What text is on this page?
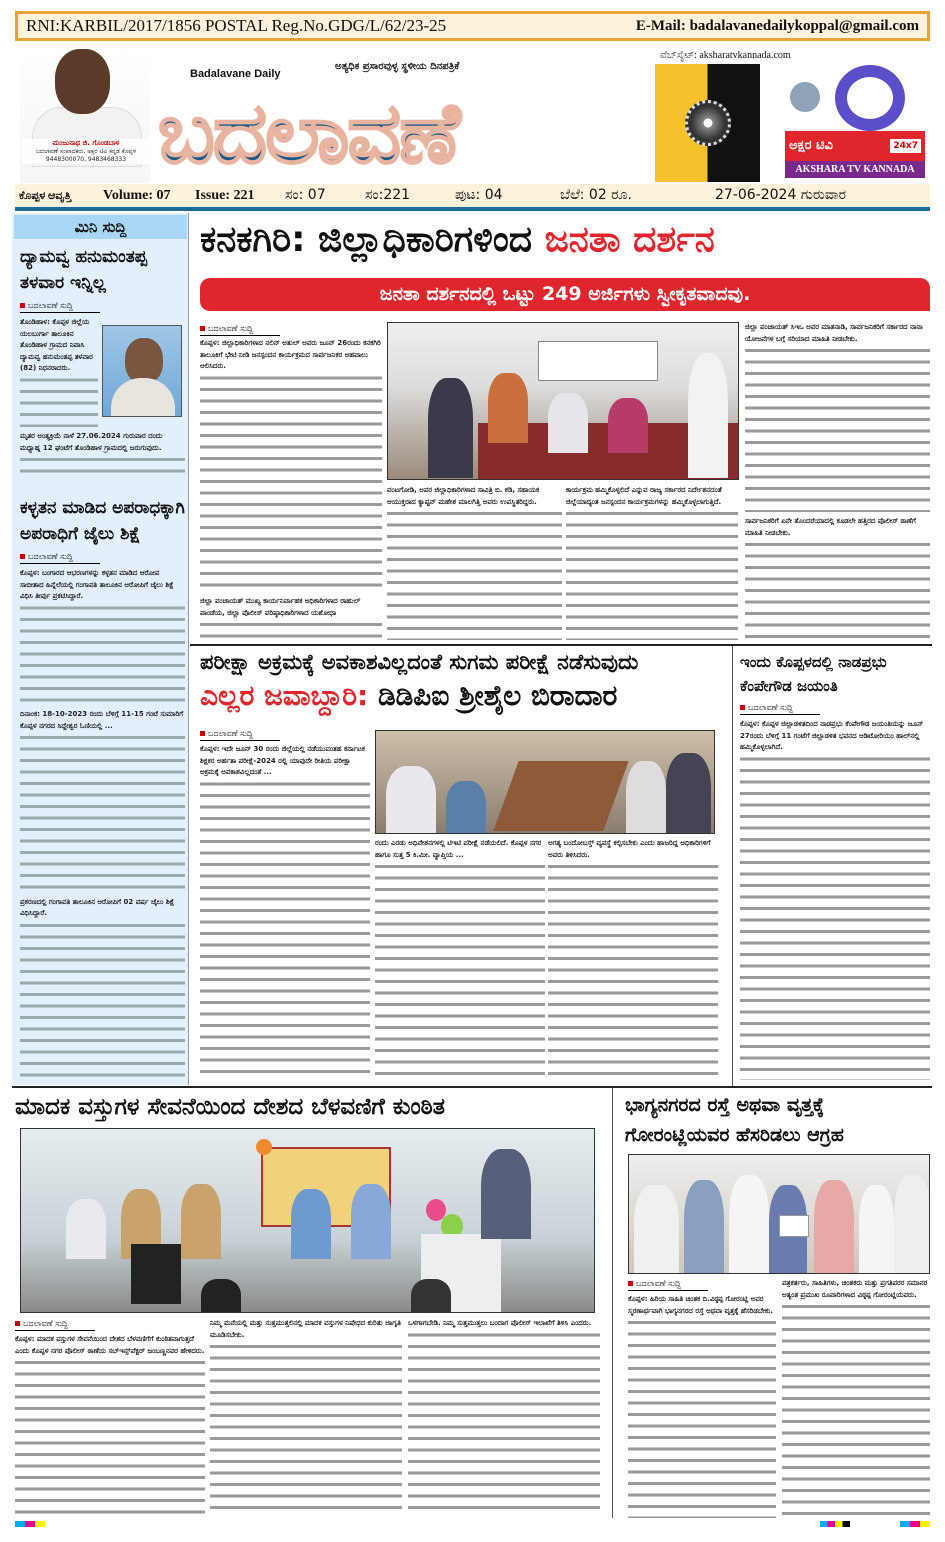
RNI:KARBIL/2017/1856 POSTAL Reg.No.GDG/L/62/23-25	E-Mail: badalavanedailykoppal@gmail.com
ಮಂಜುನಾಥ ಜಿ. ಗೊಂಡಬಾಳ
ಬದಲಾವಣೆ ಸಂಪಾದಕರು, ಅಕ್ಷರ ಟಿವಿ ಕನ್ನಡ ಕೊಪ್ಪಳ
9448300070, 9483468333
Badalavane Daily
ಅತ್ಯಧಿಕ ಪ್ರಸಾರವುಳ್ಳ ಸ್ಥಳೀಯ ದಿನಪತ್ರಿಕೆ
ಬದಲಾವಣೆ
ವೆಬ್‌ಸೈಟ್: aksharatvkannada.com
ಅಕ್ಷರ ಟಿವಿ	24x7
AKSHARA TV KANNADA
ಕೊಪ್ಪಳ ಆವೃತ್ತಿ Volume: 07 Issue: 221 ಸಂ: 07	ಸಂ:221	ಪುಟ: 04	ಬೆಲೆ: 02 ರೂ.	27-06-2024 ಗುರುವಾರ
ಮಿನಿ ಸುದ್ದಿ
ದ್ಯಾಮವ್ವ ಹನುಮಂತಪ್ಪ ತಳವಾರ ಇನ್ನಿಲ್ಲ
ಬದಲಾವಣೆ ಸುದ್ದಿ
ತೊಂಡಿಹಾಳ: ಕೊಪ್ಪಳ ಜಿಲ್ಲೆಯ ಯಲಬುರ್ಗಾ ತಾಲೂಕಿನ ತೊಂಡಿಹಾಳ ಗ್ರಾಮದ ನಿವಾಸಿ ದ್ಯಾಮವ್ವ ಹನುಮಂತಪ್ಪ ತಳವಾರ (82) ನಿಧನರಾದರು.
ಮೃತರ ಅಂತ್ಯಕ್ರಿಯೆ ನಾಳೆ 27.06.2024 ಗುರುವಾರ ದಂದು ಮಧ್ಯಾಹ್ನ 12 ಘಂಟೆಗೆ ತೊಂಡಿಹಾಳ ಗ್ರಾಮದಲ್ಲಿ ಜರುಗುವುದು.
ಕಳ್ಳತನ ಮಾಡಿದ ಅಪರಾಧಕ್ಕಾಗಿ ಅಪರಾಧಿಗೆ ಜೈಲು ಶಿಕ್ಷೆ
ಬದಲಾವಣೆ ಸುದ್ದಿ
ಕೊಪ್ಪಳ: ಬಂಗಾರದ ಆಭರಣಗಳನ್ನು ಕಳ್ಳತನ ಮಾಡಿದ ಆರೋಪ ಸಾಬೀತಾದ ಹಿನ್ನೆಲೆಯಲ್ಲಿ ಗಂಗಾವತಿ ತಾಲೂಕಿನ ಆರೋಪಿಗೆ ಜೈಲು ಶಿಕ್ಷೆ ವಿಧಿಸಿ ತೀರ್ಪು ಪ್ರಕಟಿಸಿದ್ದಾರೆ.
ದಿನಾಂಕ: 18-10-2023 ರಂದು ಬೆಳಿಗ್ಗೆ 11-15 ಗಂಟೆ ಸುಮಾರಿಗೆ ಕೊಪ್ಪಳ ನಗರದ ಸಿದ್ದೇಶ್ವರ ಓಣಿಯಲ್ಲಿ ...
ಪ್ರಕರಣದಲ್ಲಿ ಗಂಗಾವತಿ ತಾಲೂಕಿನ ಆರೋಪಿಗೆ 02 ವರ್ಷ ಜೈಲು ಶಿಕ್ಷೆ ವಿಧಿಸಿದ್ದಾರೆ.
ಕನಕಗಿರಿ: ಜಿಲ್ಲಾಧಿಕಾರಿಗಳಿಂದ ಜನತಾ ದರ್ಶನ
ಜನತಾ ದರ್ಶನದಲ್ಲಿ ಒಟ್ಟು 249 ಅರ್ಜಿಗಳು ಸ್ವೀಕೃತವಾದವು.
ಬದಲಾವಣೆ ಸುದ್ದಿ
ಕೊಪ್ಪಳ: ಜಿಲ್ಲಾಧಿಕಾರಿಗಳಾದ ನಲಿನ್ ಅತುಲ್ ಅವರು ಜೂನ್ 26ರಂದು ಕನಕಗಿರಿ ತಾಲೂಕಿಗೆ ಭೇಟಿ ನೀಡಿ ಜನಸ್ಪಂದನ ಕಾರ್ಯಕ್ರಮದ ಸಾರ್ವಜನಿಕರ ಅಹವಾಲು ಆಲಿಸಿದರು.
ಜಿಲ್ಲಾ ಪಂಚಾಯತ್ ಮುಖ್ಯ ಕಾರ್ಯನಿರ್ವಾಹಕ ಅಧಿಕಾರಿಗಳಾದ ರಾಹುಲ್ ಪಾಂಡೆಯ, ಜಿಲ್ಲಾ ಪೊಲೀಸ್ ವರಿಷ್ಠಾಧಿಕಾರಿಗಳಾದ ಯಶೋಧಾ
ವಂಟಗೋಡಿ, ಅಪರ ಜಿಲ್ಲಾಧಿಕಾರಿಗಳಾದ ಸಾವಿತ್ರಿ ಬಿ. ಕಡಿ, ಸಹಾಯಕ ಆಯುಕ್ತರಾದ ಕ್ಯಾಪ್ಟನ್ ಮಹೇಶ ಮಾಲಗಿತ್ತಿ ಅವರು ಉಪಸ್ಥಿತರಿದ್ದರು.
ಕಾರ್ಯಕ್ರಮ ಹಮ್ಮಿಕೊಳ್ಳಲಿದೆ ಎನ್ನುವ ರಾಜ್ಯ ಸರ್ಕಾರದ ನಿರ್ದೇಶನದಂತೆ ಜಿಲ್ಲೆಯಾದ್ಯಂತ ಜನಸ್ಪಂದನ ಕಾರ್ಯಕ್ರಮಗಳನ್ನು ಹಮ್ಮಿಕೊಳ್ಳಲಾಗುತ್ತಿದೆ.
ಜಿಲ್ಲಾ ಪಂಚಾಯತ್ ಸಿಇಒ ಅವರ ಮಾತನಾಡಿ, ಸಾರ್ವಜನಿಕರಿಗೆ ಸರ್ಕಾರದ ನಾನಾ ಯೋಜನೆಗಳ ಬಗ್ಗೆ ಸರಿಯಾದ ಮಾಹಿತಿ ನೀಡಬೇಕು.
ಸಾರ್ವಜನಿಕರಿಗೆ ಏನೇ ತೊಂದರೆಯಾದಲ್ಲಿ ಕೂಡಲೇ ಹತ್ತಿರದ ಪೊಲೀಸ್ ಠಾಣೆಗೆ ಮಾಹಿತಿ ನೀಡಬೇಕು.
ಪರೀಕ್ಷಾ ಅಕ್ರಮಕ್ಕೆ ಅವಕಾಶವಿಲ್ಲದಂತೆ ಸುಗಮ ಪರೀಕ್ಷೆ ನಡೆಸುವುದು
ಎಲ್ಲರ ಜವಾಬ್ದಾರಿ: ಡಿಡಿಪಿಐ ಶ್ರೀಶೈಲ ಬಿರಾದಾರ
ಬದಲಾವಣೆ ಸುದ್ದಿ
ಕೊಪ್ಪಳ: ಇದೇ ಜೂನ್ 30 ರಂದು ಜಿಲ್ಲೆಯಲ್ಲಿ ನಡೆಯುವಂತಹ ಕರ್ನಾಟಕ ಶಿಕ್ಷಕರ ಅರ್ಹತಾ ಪರೀಕ್ಷೆ-2024 ರಲ್ಲಿ ಯಾವುದೇ ರೀತಿಯ ಪರೀಕ್ಷಾ ಅಕ್ರಮಕ್ಕೆ ಅವಕಾಶವಿಲ್ಲದಂತೆ ...
ರಂದು ಎರಡು ಅಧಿವೇಶನಗಳಲ್ಲಿ ಟಿಇಟಿ ಪರೀಕ್ಷೆ ನಡೆಯಲಿದೆ. ಕೊಪ್ಪಳ ನಗರ ಹಾಗೂ ಸುತ್ತ 5 ಕಿ.ಮೀ. ವ್ಯಾಪ್ತಿಯ ...
ಅಗತ್ಯ ಬಂದೋಬಸ್ತ್ ವ್ಯವಸ್ಥೆ ಕಲ್ಪಿಸಬೇಕು ಎಂದು ಹಾಜರಿದ್ದ ಅಧಿಕಾರಿಗಳಿಗೆ ಅವರು ತಿಳಿಸಿದರು.
ಇಂದು ಕೊಪ್ಪಳದಲ್ಲಿ ನಾಡಪ್ರಭು ಕೆಂಪೇಗೌಡ ಜಯಂತಿ
ಬದಲಾವಣೆ ಸುದ್ದಿ
ಕೊಪ್ಪಳ: ಕೊಪ್ಪಳ ಜಿಲ್ಲಾಡಳಿತದಿಂದ ನಾಡಪ್ರಭು ಕೆಂಪೇಗೌಡ ಜಯಂತಿಯನ್ನು ಜೂನ್ 27ರಂದು ಬೆಳಿಗ್ಗೆ 11 ಗಂಟೆಗೆ ಜಿಲ್ಲಾಡಳಿತ ಭವನದ ಆಡಿಟೋರಿಯಂ ಹಾಲ್‌ನಲ್ಲಿ ಹಮ್ಮಿಕೊಳ್ಳಲಾಗಿದೆ.
ಮಾದಕ ವಸ್ತುಗಳ ಸೇವನೆಯಿಂದ ದೇಶದ ಬೆಳವಣಿಗೆ ಕುಂಠಿತ
ಬದಲಾವಣೆ ಸುದ್ದಿ
ಕೊಪ್ಪಳ: ಮಾದಕ ವಸ್ತುಗಳ ಸೇವನೆಯಿಂದ ದೇಶದ ಬೆಳವಣಿಗೆಗೆ ಕುಂಠಿತವಾಗುತ್ತದೆ ಎಂದು ಕೊಪ್ಪಳ ನಗರ ಪೊಲೀಸ್ ಠಾಣೆಯ ಸಬ್‌ಇನ್ಸ್‌ಪೆಕ್ಟರ್ ಜಂಬಣ್ಣನವರ ಹೇಳಿದರು.
ನಿಮ್ಮ ಮನೆಯಲ್ಲಿ ಮತ್ತು ಸುತ್ತಮುತ್ತಲಿನಲ್ಲಿ ಮಾದಕ ವಸ್ತುಗಳ ನಿಷೇಧದ ಕುರಿತು ಜಾಗೃತಿ ಮೂಡಿಸಬೇಕು.
ಒಳಗಾಗಬೇಡಿ. ನಿಮ್ಮ ಸುತ್ತಮುತ್ತಲು ಬಂದಾಗ ಪೊಲೀಸ್ ಇಲಾಖೆಗೆ ತಿಳಿಸಿ ಎಂದರು.
ಭಾಗ್ಯನಗರದ ರಸ್ತೆ ಅಥವಾ ವೃತ್ತಕ್ಕೆ ಗೋರಂಟ್ಲಿಯವರ ಹೆಸರಿಡಲು ಆಗ್ರಹ
ಬದಲಾವಣೆ ಸುದ್ದಿ
ಕೊಪ್ಪಳ: ಹಿರಿಯ ಸಾಹಿತಿ ಚಿಂತಕ ದಿ.ವಿಠ್ಠಪ್ಪ ಗೋರಂಟ್ಲಿ ಅವರ ಸ್ಮರಣಾರ್ಥವಾಗಿ ಭಾಗ್ಯನಗರದ ರಸ್ತೆ ಅಥವಾ ವೃತ್ತಕ್ಕೆ ಹೆಸರಿಡಬೇಕು.
ಪತ್ರಕರ್ತರು, ಸಾಹಿತಿಗಳು, ಚಿಂತಕರು ಮತ್ತು ಪ್ರಗತಿಪರರ ಸಮಾನರ ಅತ್ಯಂತ ಪ್ರಮುಖ ರೂವಾರಿಗಳಾದ ವಿಠ್ಠಪ್ಪ ಗೋರಂಟ್ಲಿಯವರು.
